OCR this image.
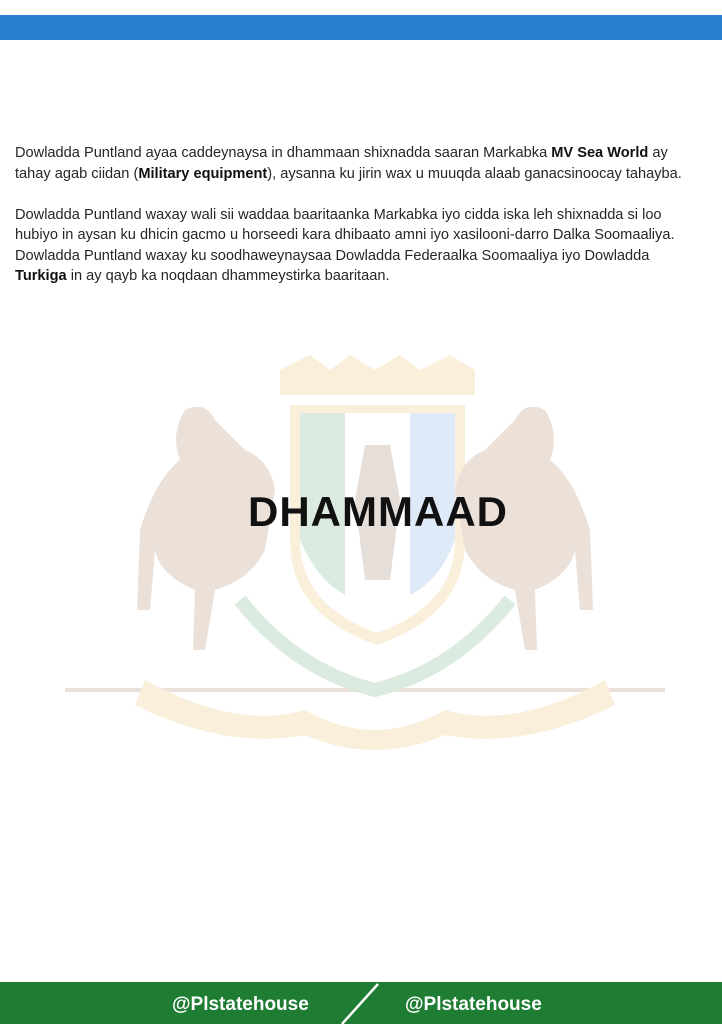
Dowladda Puntland ayaa caddeynaysa in dhammaan shixnadda saaran Markabka MV Sea World ay tahay agab ciidan (Military equipment), aysanna ku jirin wax u muuqda alaab ganacsinoocay tahayba.

Dowladda Puntland waxay wali sii waddaa baaritaanka Markabka iyo cidda iska leh shixnadda si loo hubiyo in aysan ku dhicin gacmo u horseedi kara dhibaato amni iyo xasilooni-darro Dalka Soomaaliya. Dowladda Puntland waxay ku soodhaweynaysaa Dowladda Federaalka Soomaaliya iyo Dowladda Turkiga in ay qayb ka noqdaan dhammeystirka baaritaan.

DHAMMAAD
@Plstatehouse	@Plstatehouse
